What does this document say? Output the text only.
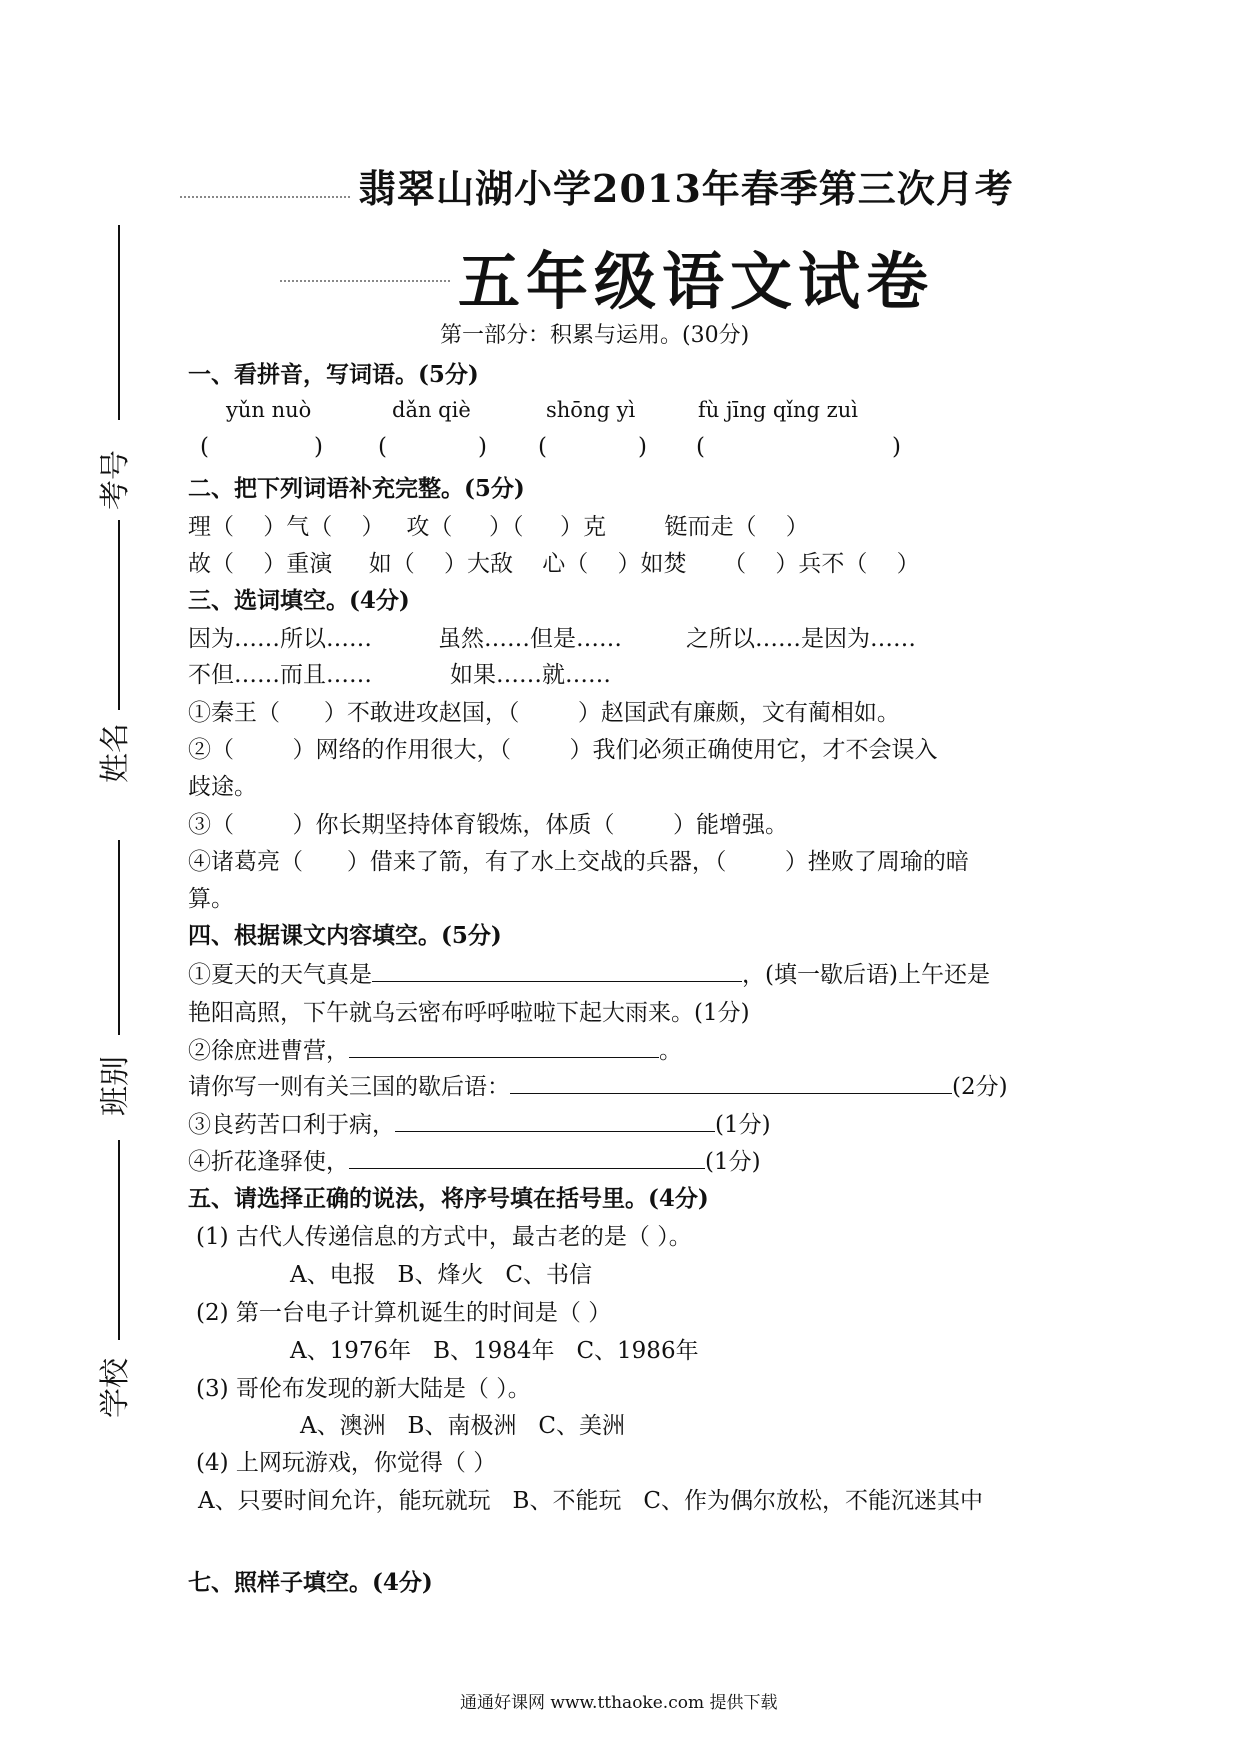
翡翠山湖小学2013年春季第三次月考
五年级语文试卷
第一部分：积累与运用。(30分)
考号
姓名
班别
学校
一、看拼音，写词语。(5分)
yǔn nuò	dǎn qiè	shōng yì	fù jīng qǐng zuì
(	) (	) (	) (	)
二、把下列词语补充完整。(5分)
理（    ）气（    ）   攻（     ）（     ）克        铤而走（    ）
故（    ）重演     如（    ）大敌    心（    ）如焚     （    ）兵不（    ）
三、选词填空。(4分)
因为……所以……	虽然……但是……	之所以……是因为……
不但……而且……	如果……就……
①秦王（      ）不敢进攻赵国，（        ）赵国武有廉颇，文有蔺相如。
②（        ）网络的作用很大，（        ）我们必须正确使用它，才不会误入
歧途。
③（        ）你长期坚持体育锻炼，体质（        ）能增强。
④诸葛亮（      ）借来了箭，有了水上交战的兵器，（        ）挫败了周瑜的暗
算。
四、根据课文内容填空。(5分)
①夏天的天气真是	，(填一歇后语)上午还是
艳阳高照，下午就乌云密布呼呼啦啦下起大雨来。(1分)
②徐庶进曹营，	。
请你写一则有关三国的歇后语：	(2分)
③良药苦口利于病，	(1分)
④折花逢驿使，	(1分)
五、请选择正确的说法，将序号填在括号里。(4分)
(1) 古代人传递信息的方式中，最古老的是（ ）。
A、电报   B、烽火   C、书信
(2) 第一台电子计算机诞生的时间是（ ）
A、1976年   B、1984年   C、1986年
(3) 哥伦布发现的新大陆是（ ）。
A、澳洲   B、南极洲   C、美洲
(4) 上网玩游戏，你觉得（ ）
A、只要时间允许，能玩就玩   B、不能玩   C、作为偶尔放松，不能沉迷其中
七、照样子填空。(4分)
通通好课网 www.tthaoke.com 提供下载
